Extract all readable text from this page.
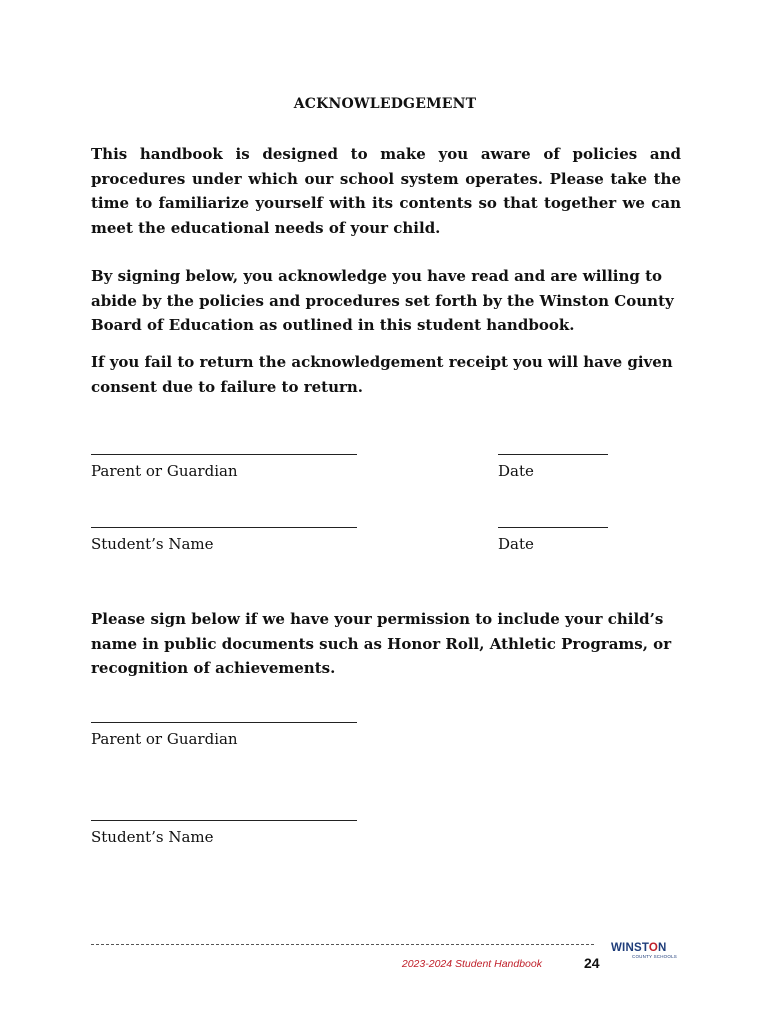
ACKNOWLEDGEMENT
This handbook is designed to make you aware of policies and procedures under which our school system operates. Please take the time to familiarize yourself with its contents so that together we can meet the educational needs of your child.
By signing below, you acknowledge you have read and are willing to abide by the policies and procedures set forth by the Winston County Board of Education as outlined in this student handbook.
If you fail to return the acknowledgement receipt you will have given consent due to failure to return.
Parent or Guardian	Date
Student’s Name	Date
Please sign below if we have your permission to include your child’s name in public documents such as Honor Roll, Athletic Programs, or recognition of achievements.
Parent or Guardian
Student’s Name
2023-2024 Student Handbook	24
WINSTON
COUNTY SCHOOLS
